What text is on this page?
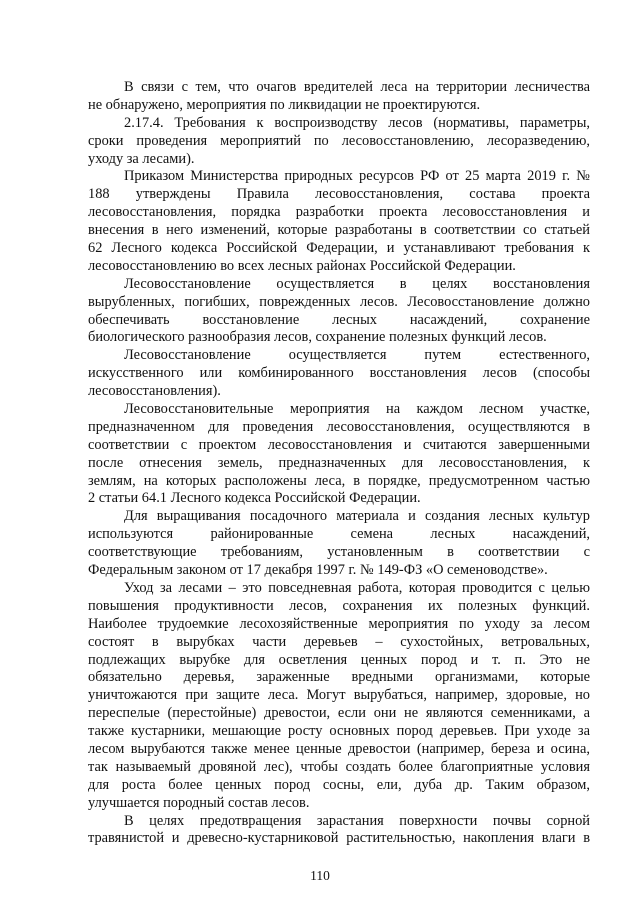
В связи с тем, что очагов вредителей леса на территории лесничества
не обнаружено, мероприятия по ликвидации не проектируются.
2.17.4. Требования к воспроизводству лесов (нормативы, параметры,
сроки проведения мероприятий по лесовосстановлению, лесоразведению,
уходу за лесами).
Приказом Министерства природных ресурсов РФ от 25 марта 2019 г. №
188 утверждены Правила лесовосстановления, состава проекта
лесовосстановления, порядка разработки проекта лесовосстановления и
внесения в него изменений, которые разработаны в соответствии со статьей
62 Лесного кодекса Российской Федерации, и устанавливают требования к
лесовосстановлению во всех лесных районах Российской Федерации.
Лесовосстановление осуществляется в целях восстановления
вырубленных, погибших, поврежденных лесов. Лесовосстановление должно
обеспечивать восстановление лесных насаждений, сохранение
биологического разнообразия лесов, сохранение полезных функций лесов.
Лесовосстановление осуществляется путем естественного,
искусственного или комбинированного восстановления лесов (способы
лесовосстановления).
Лесовосстановительные мероприятия на каждом лесном участке,
предназначенном для проведения лесовосстановления, осуществляются в
соответствии с проектом лесовосстановления и считаются завершенными
после отнесения земель, предназначенных для лесовосстановления, к
землям, на которых расположены леса, в порядке, предусмотренном частью
2 статьи 64.1 Лесного кодекса Российской Федерации.
Для выращивания посадочного материала и создания лесных культур
используются районированные семена лесных насаждений,
соответствующие требованиям, установленным в соответствии с
Федеральным законом от 17 декабря 1997 г. № 149-ФЗ «О семеноводстве».
Уход за лесами – это повседневная работа, которая проводится с целью
повышения продуктивности лесов, сохранения их полезных функций.
Наиболее трудоемкие лесохозяйственные мероприятия по уходу за лесом
состоят в вырубках части деревьев – сухостойных, ветровальных,
подлежащих вырубке для осветления ценных пород и т. п. Это не
обязательно деревья, зараженные вредными организмами, которые
уничтожаются при защите леса. Могут вырубаться, например, здоровые, но
переспелые (перестойные) древостои, если они не являются семенниками, а
также кустарники, мешающие росту основных пород деревьев. При уходе за
лесом вырубаются также менее ценные древостои (например, береза и осина,
так называемый дровяной лес), чтобы создать более благоприятные условия
для роста более ценных пород сосны, ели, дуба др. Таким образом,
улучшается породный состав лесов.
В целях предотвращения зарастания поверхности почвы сорной
травянистой и древесно-кустарниковой растительностью, накопления влаги в
110
